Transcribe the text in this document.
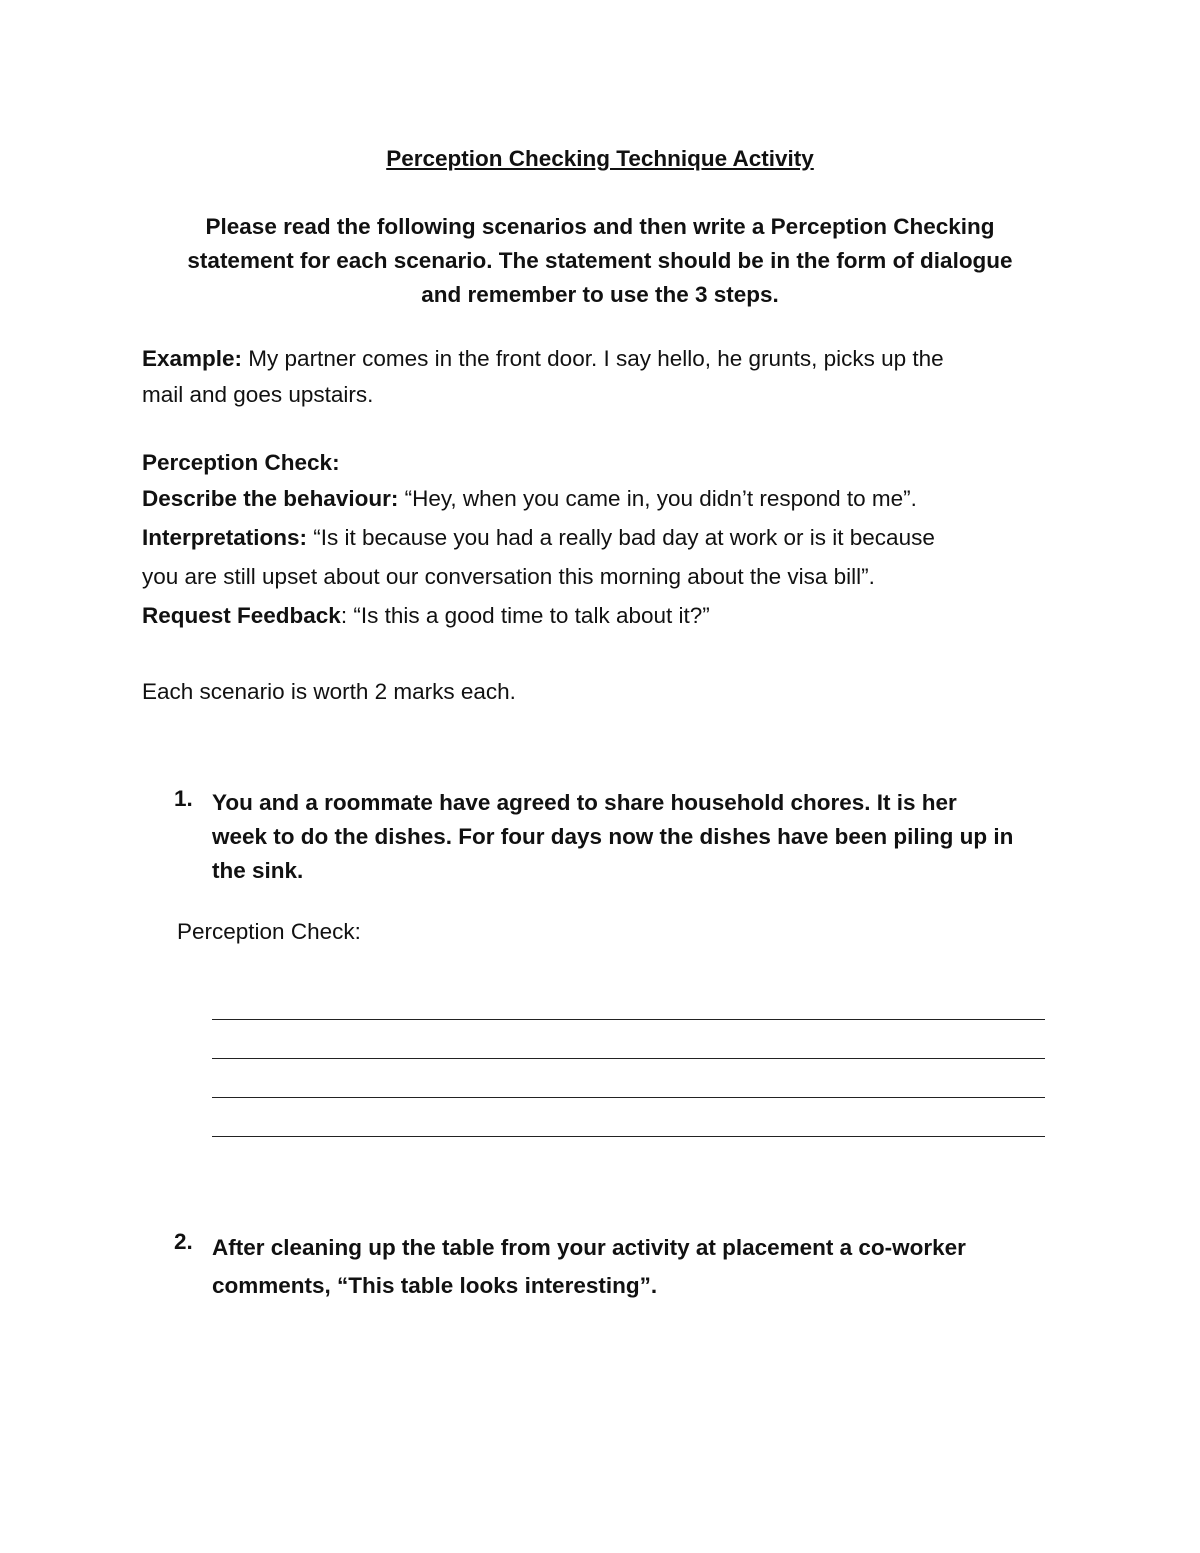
Perception Checking Technique Activity

Please read the following scenarios and then write a Perception Checking
statement for each scenario. The statement should be in the form of dialogue
and remember to use the 3 steps.

Example: My partner comes in the front door. I say hello, he grunts, picks up the

mail and goes upstairs.

Perception Check:

Describe the behaviour: “Hey, when you came in, you didn’t respond to me”.

Interpretations: “Is it because you had a really bad day at work or is it because

you are still upset about our conversation this morning about the visa bill”.

Request Feedback: “Is this a good time to talk about it?”

Each scenario is worth 2 marks each.

1. You and a roommate have agreed to share household chores. It is her
week to do the dishes. For four days now the dishes have been piling up in
the sink.

Perception Check:

2. After cleaning up the table from your activity at placement a co-worker
comments, “This table looks interesting”.
